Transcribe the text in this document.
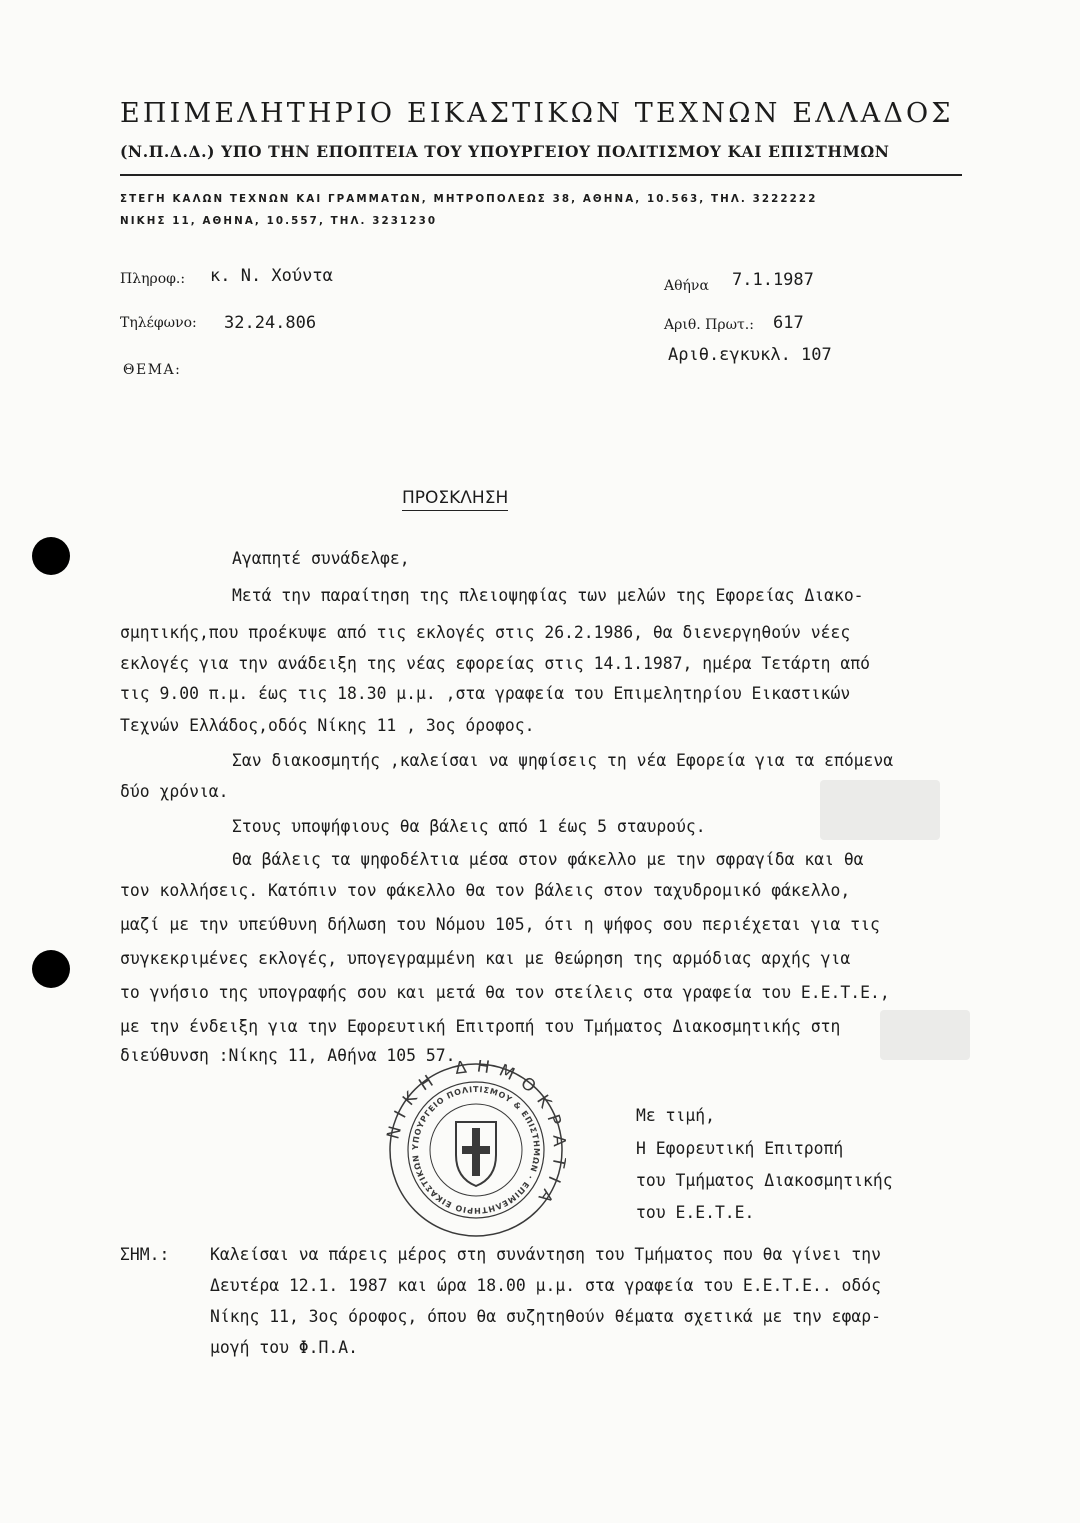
ΕΠΙΜΕΛΗΤΗΡΙΟ ΕΙΚΑΣΤΙΚΩΝ ΤΕΧΝΩΝ ΕΛΛΑΔΟΣ
(Ν.Π.Δ.Δ.) ΥΠΟ ΤΗΝ ΕΠΟΠΤΕΙΑ ΤΟΥ ΥΠΟΥΡΓΕΙΟΥ ΠΟΛΙΤΙΣΜΟΥ ΚΑΙ ΕΠΙΣΤΗΜΩΝ
ΣΤΕΓΗ ΚΑΛΩΝ ΤΕΧΝΩΝ ΚΑΙ ΓΡΑΜΜΑΤΩΝ, ΜΗΤΡΟΠΟΛΕΩΣ 38, ΑΘΗΝΑ, 10.563, ΤΗΛ. 3222222
ΝΙΚΗΣ 11, ΑΘΗΝΑ, 10.557, ΤΗΛ. 3231230
Πληροφ.: κ. Ν. Χούντα
Τηλέφωνο: 32.24.806
ΘΕΜΑ:
Αθήνα 7.1.1987
Αριθ. Πρωτ.: 617
Αριθ.εγκυκλ. 107
ΠΡΟΣΚΛΗΣΗ
Αγαπητέ συνάδελφε,
Μετά την παραίτηση της πλειοψηφίας των μελών της Εφορείας Διακο-
σμητικής,που προέκυψε από τις εκλογές στις 26.2.1986, θα διενεργηθούν νέες
εκλογές για την ανάδειξη της νέας εφορείας στις 14.1.1987, ημέρα Τετάρτη από
τις 9.00 π.μ. έως τις 18.30 μ.μ. ,στα γραφεία του Επιμελητηρίου Εικαστικών
Τεχνών Ελλάδος,οδός Νίκης 11 , 3ος όροφος.
Σαν διακοσμητής ,καλείσαι να ψηφίσεις τη νέα Εφορεία για τα επόμενα
δύο χρόνια.
Στους υποψήφιους θα βάλεις από 1 έως 5 σταυρούς.
Θα βάλεις τα ψηφοδέλτια μέσα στον φάκελλο με την σφραγίδα και θα
τον κολλήσεις. Κατόπιν τον φάκελλο θα τον βάλεις στον ταχυδρομικό φάκελλο,
μαζί με την υπεύθυνη δήλωση του Νόμου 105, ότι η ψήφος σου περιέχεται για τις
συγκεκριμένες εκλογές, υπογεγραμμένη και με θεώρηση της αρμόδιας αρχής για
το γνήσιο της υπογραφής σου και μετά θα τον στείλεις στα γραφεία του Ε.Ε.Τ.Ε.,
με την ένδειξη για την Εφορευτική Επιτροπή του Τμήματος Διακοσμητικής στη
διεύθυνση :Νίκης 11, Αθήνα 105 57.
ΙΚΗ ΔΗΜΟΚΡ ΙΑ
ΥΠΟΥΡΓΕΙΟ ΠΟΛΙΤΙΣΜΟΥ & ΕΠΙΣΤΗΜΩΝ · ΕΠΙΜΕΛΗΤΗΡΙΟ ΕΙΚΑΣΤΙΚΩΝ
Με τιμή,
Η Εφορευτική Επιτροπή
του Τμήματος Διακοσμητικής
του Ε.Ε.Τ.Ε.
ΣΗΜ.: Καλείσαι να πάρεις μέρος στη συνάντηση του Τμήματος που θα γίνει την
Δευτέρα 12.1. 1987 και ώρα 18.00 μ.μ. στα γραφεία του Ε.Ε.Τ.Ε.. οδός
Νίκης 11, 3ος όροφος, όπου θα συζητηθούν θέματα σχετικά με την εφαρ-
μογή του Φ.Π.Α.
